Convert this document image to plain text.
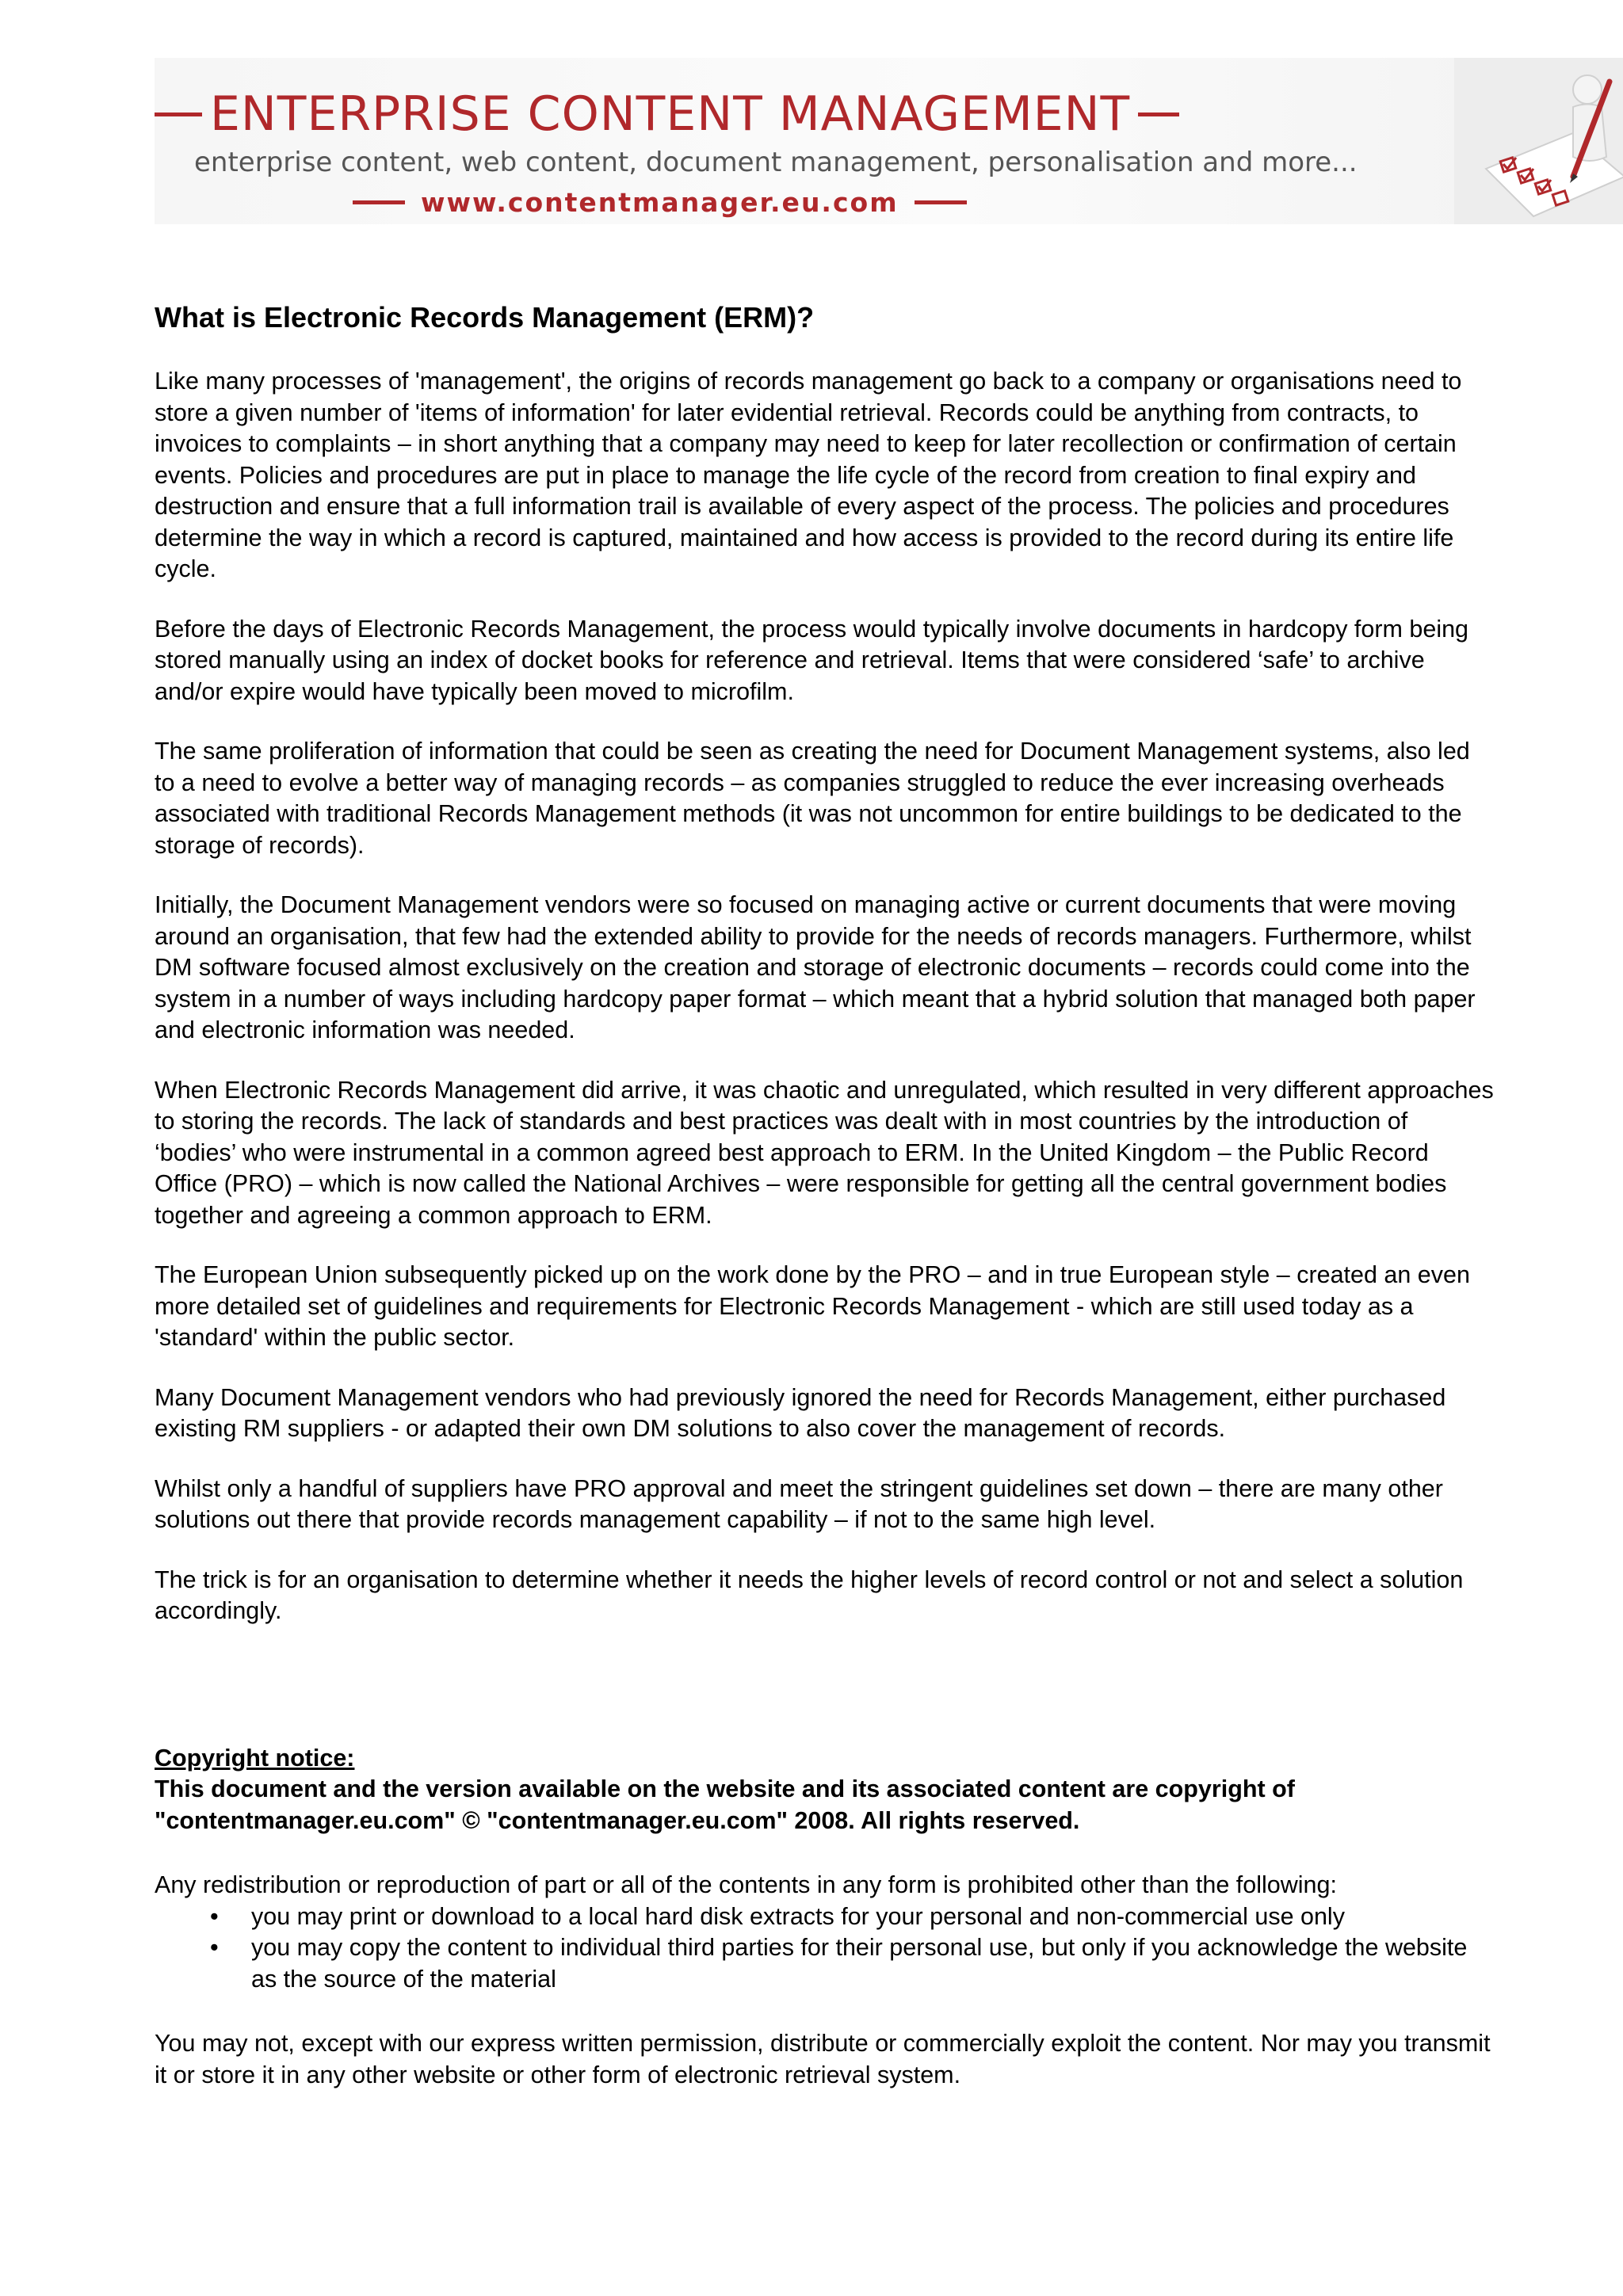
ENTERPRISE CONTENT MANAGEMENT
enterprise content, web content, document management, personalisation and more...
www.contentmanager.eu.com
What is Electronic Records Management (ERM)?

Like many processes of 'management', the origins of records management go back to a company or organisations need to store a given number of 'items of information' for later evidential retrieval. Records could be anything from contracts, to invoices to complaints – in short anything that a company may need to keep for later recollection or confirmation of certain events. Policies and procedures are put in place to manage the life cycle of the record from creation to final expiry and destruction and ensure that a full information trail is available of every aspect of the process. The policies and procedures determine the way in which a record is captured, maintained and how access is provided to the record during its entire life cycle.

Before the days of Electronic Records Management, the process would typically involve documents in hardcopy form being stored manually using an index of docket books for reference and retrieval. Items that were considered ‘safe’ to archive and/or expire would have typically been moved to microfilm.

The same proliferation of information that could be seen as creating the need for Document Management systems, also led to a need to evolve a better way of managing records – as companies struggled to reduce the ever increasing overheads associated with traditional Records Management methods (it was not uncommon for entire buildings to be dedicated to the storage of records).

Initially, the Document Management vendors were so focused on managing active or current documents that were moving around an organisation, that few had the extended ability to provide for the needs of records managers. Furthermore, whilst DM software focused almost exclusively on the creation and storage of electronic documents – records could come into the system in a number of ways including hardcopy paper format – which meant that a hybrid solution that managed both paper and electronic information was needed.

When Electronic Records Management did arrive, it was chaotic and unregulated, which resulted in very different approaches to storing the records. The lack of standards and best practices was dealt with in most countries by the introduction of ‘bodies’ who were instrumental in a common agreed best approach to ERM. In the United Kingdom – the Public Record Office (PRO) – which is now called the National Archives – were responsible for getting all the central government bodies together and agreeing a common approach to ERM.

The European Union subsequently picked up on the work done by the PRO – and in true European style – created an even more detailed set of guidelines and requirements for Electronic Records Management - which are still used today as a 'standard' within the public sector.

Many Document Management vendors who had previously ignored the need for Records Management, either purchased existing RM suppliers - or adapted their own DM solutions to also cover the management of records.

Whilst only a handful of suppliers have PRO approval and meet the stringent guidelines set down – there are many other solutions out there that provide records management capability – if not to the same high level.

The trick is for an organisation to determine whether it needs the higher levels of record control or not and select a solution accordingly.

Copyright notice:
This document and the version available on the website and its associated content are copyright of "contentmanager.eu.com" © "contentmanager.eu.com" 2008. All rights reserved.

Any redistribution or reproduction of part or all of the contents in any form is prohibited other than the following:

• you may print or download to a local hard disk extracts for your personal and non-commercial use only
• you may copy the content to individual third parties for their personal use, but only if you acknowledge the website as the source of the material

You may not, except with our express written permission, distribute or commercially exploit the content. Nor may you transmit it or store it in any other website or other form of electronic retrieval system.
